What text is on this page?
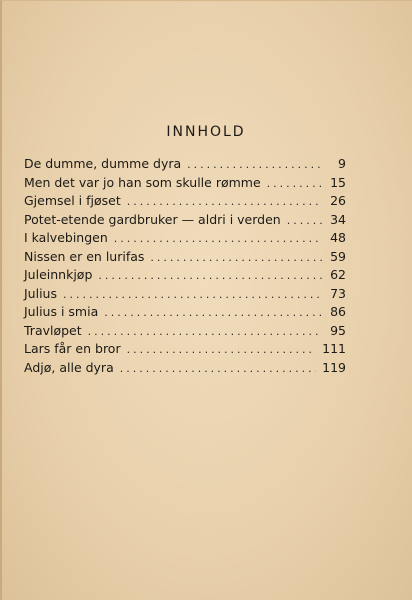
INNHOLD
De dumme, dumme dyra .....	9
Men det var jo han som skulle rømme .....	15
Gjemsel i fjøset .....	26
Potet-etende gardbruker — aldri i verden .....	34
I kalvebingen .....	48
Nissen er en lurifas .....	59
Juleinnkjøp .....	62
Julius .....	73
Julius i smia .....	86
Travløpet .....	95
Lars får en bror .....	111
Adjø, alle dyra .....	119
